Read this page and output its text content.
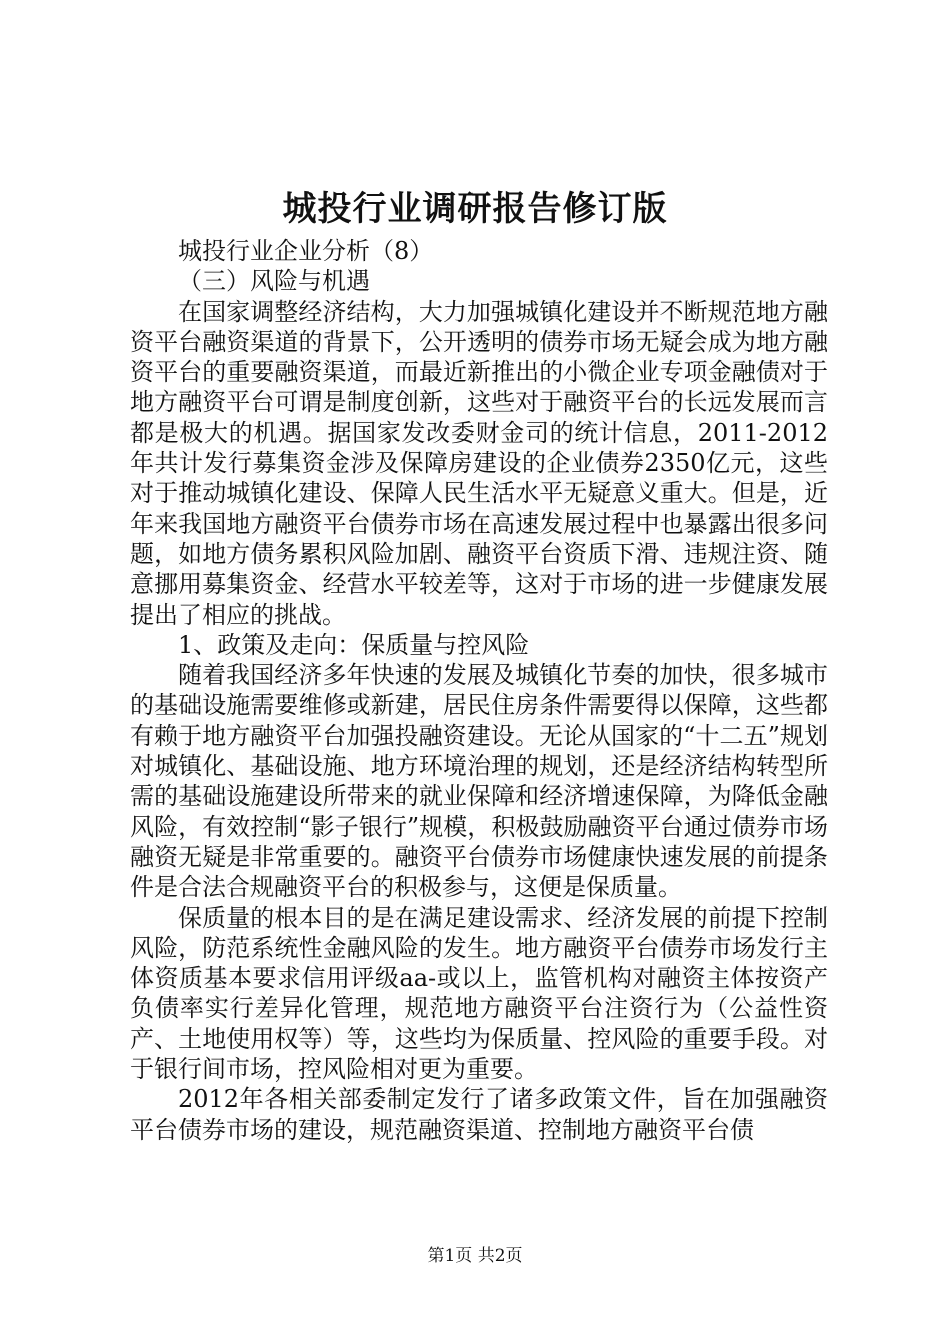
城投行业调研报告修订版

城投行业企业分析（8）

（三）风险与机遇

在国家调整经济结构，大力加强城镇化建设并不断规范地方融资平台融资渠道的背景下，公开透明的债券市场无疑会成为地方融资平台的重要融资渠道，而最近新推出的小微企业专项金融债对于地方融资平台可谓是制度创新，这些对于融资平台的长远发展而言都是极大的机遇。据国家发改委财金司的统计信息，2011-2012年共计发行募集资金涉及保障房建设的企业债券2350亿元，这些对于推动城镇化建设、保障人民生活水平无疑意义重大。但是，近年来我国地方融资平台债券市场在高速发展过程中也暴露出很多问题，如地方债务累积风险加剧、融资平台资质下滑、违规注资、随意挪用募集资金、经营水平较差等，这对于市场的进一步健康发展提出了相应的挑战。

1、政策及走向：保质量与控风险

随着我国经济多年快速的发展及城镇化节奏的加快，很多城市的基础设施需要维修或新建，居民住房条件需要得以保障，这些都有赖于地方融资平台加强投融资建设。无论从国家的“十二五”规划对城镇化、基础设施、地方环境治理的规划，还是经济结构转型所需的基础设施建设所带来的就业保障和经济增速保障，为降低金融风险，有效控制“影子银行”规模，积极鼓励融资平台通过债券市场融资无疑是非常重要的。融资平台债券市场健康快速发展的前提条件是合法合规融资平台的积极参与，这便是保质量。

保质量的根本目的是在满足建设需求、经济发展的前提下控制风险，防范系统性金融风险的发生。地方融资平台债券市场发行主体资质基本要求信用评级aa-或以上，监管机构对融资主体按资产负债率实行差异化管理，规范地方融资平台注资行为（公益性资产、土地使用权等）等，这些均为保质量、控风险的重要手段。对于银行间市场，控风险相对更为重要。

2012年各相关部委制定发行了诸多政策文件，旨在加强融资平台债券市场的建设，规范融资渠道、控制地方融资平台债

第1页 共2页
